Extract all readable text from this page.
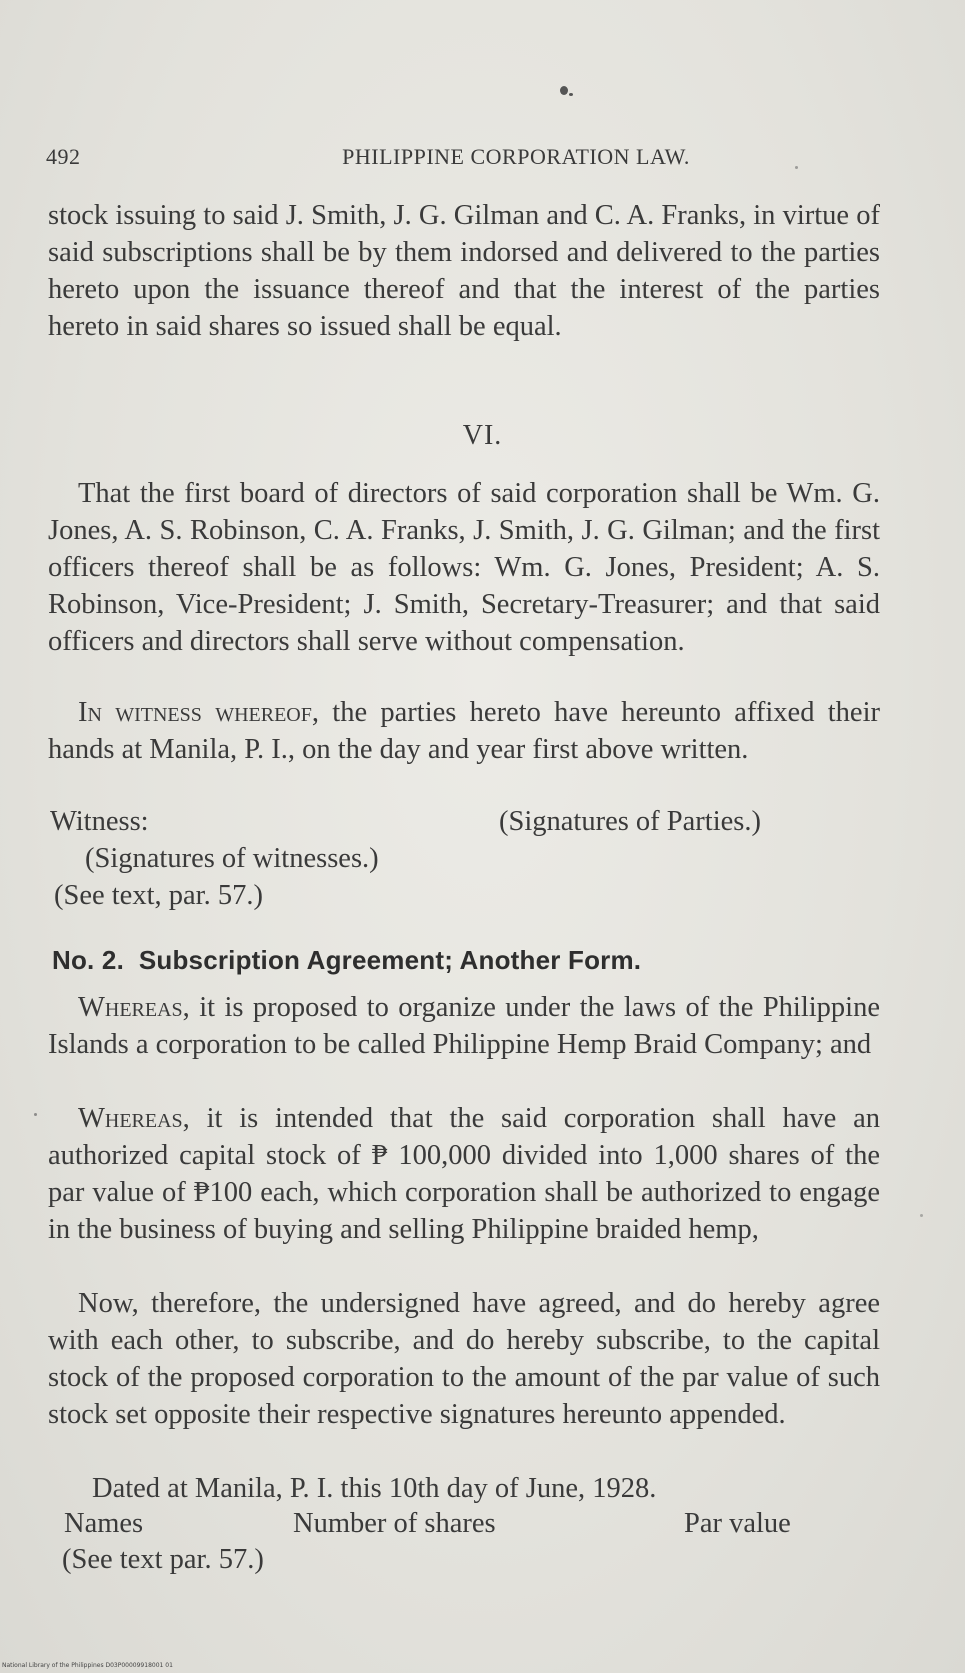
492	PHILIPPINE CORPORATION LAW.

stock issuing to said J. Smith, J. G. Gilman and C. A. Franks, in virtue of said subscriptions shall be by them indorsed and delivered to the parties hereto upon the issuance thereof and that the interest of the parties hereto in said shares so issued shall be equal.

VI.

That the first board of directors of said corporation shall be Wm. G. Jones, A. S. Robinson, C. A. Franks, J. Smith, J. G. Gilman; and the first officers thereof shall be as follows: Wm. G. Jones, President; A. S. Robinson, Vice-President; J. Smith, Secretary-Treasurer; and that said officers and directors shall serve without compensation.

In witness whereof, the parties hereto have hereunto affixed their hands at Manila, P. I., on the day and year first above written.

Witness:	(Signatures of Parties.)
(Signatures of witnesses.)
(See text, par. 57.)
No. 2.  Subscription Agreement; Another Form.

Whereas, it is proposed to organize under the laws of the Philippine Islands a corporation to be called Philippine Hemp Braid Company; and

Whereas, it is intended that the said corporation shall have an authorized capital stock of ₱ 100,000 divided into 1,000 shares of the par value of ₱100 each, which corporation shall be authorized to engage in the business of buying and selling Philippine braided hemp,

Now, therefore, the undersigned have agreed, and do hereby agree with each other, to subscribe, and do hereby subscribe, to the capital stock of the proposed corporation to the amount of the par value of such stock set opposite their respective signatures hereunto appended.

Dated at Manila, P. I. this 10th day of June, 1928.
Names	Number of shares	Par value
(See text par. 57.)
National Library of the Philippines D03P00009918001 01
